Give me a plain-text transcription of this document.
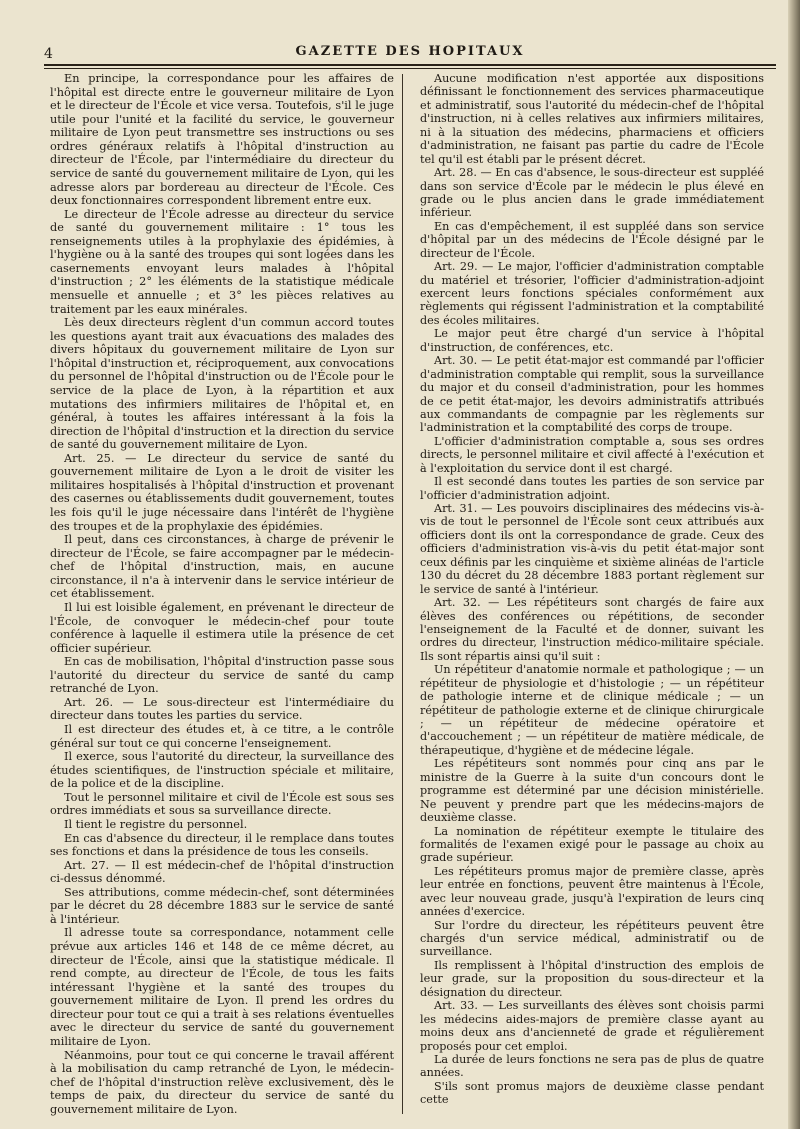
4	GAZETTE DES HOPITAUX

En principe, la correspondance pour les affaires de l'hôpital est directe entre le gouverneur militaire de Lyon et le directeur de l'École et vice versa. Toutefois, s'il le juge utile pour l'unité et la facilité du service, le gouverneur militaire de Lyon peut transmettre ses instructions ou ses ordres généraux relatifs à l'hôpital d'instruction au directeur de l'École, par l'intermédiaire du directeur du service de santé du gouvernement militaire de Lyon, qui les adresse alors par bordereau au directeur de l'École. Ces deux fonctionnaires correspondent librement entre eux.

Le directeur de l'École adresse au directeur du service de santé du gouvernement militaire : 1° tous les renseignements utiles à la prophylaxie des épidémies, à l'hygiène ou à la santé des troupes qui sont logées dans les casernements envoyant leurs malades à l'hôpital d'instruction ; 2° les éléments de la statistique médicale mensuelle et annuelle ; et 3° les pièces relatives au traitement par les eaux minérales.

Lès deux directeurs règlent d'un commun accord toutes les questions ayant trait aux évacuations des malades des divers hôpitaux du gouvernement militaire de Lyon sur l'hôpital d'instruction et, réciproquement, aux convocations du personnel de l'hôpital d'instruction ou de l'École pour le service de la place de Lyon, à la répartition et aux mutations des infirmiers militaires de l'hôpital et, en général, à toutes les affaires intéressant à la fois la direction de l'hôpital d'instruction et la direction du service de santé du gouvernement militaire de Lyon.

Art. 25. — Le directeur du service de santé du gouvernement militaire de Lyon a le droit de visiter les militaires hospitalisés à l'hôpital d'instruction et provenant des casernes ou établissements dudit gouvernement, toutes les fois qu'il le juge nécessaire dans l'intérêt de l'hygiène des troupes et de la prophylaxie des épidémies.

Il peut, dans ces circonstances, à charge de prévenir le directeur de l'École, se faire accompagner par le médecin-chef de l'hôpital d'instruction, mais, en aucune circonstance, il n'a à intervenir dans le service intérieur de cet établissement.

Il lui est loisible également, en prévenant le directeur de l'École, de convoquer le médecin-chef pour toute conférence à laquelle il estimera utile la présence de cet officier supérieur.

En cas de mobilisation, l'hôpital d'instruction passe sous l'autorité du directeur du service de santé du camp retranché de Lyon.

Art. 26. — Le sous-directeur est l'intermédiaire du directeur dans toutes les parties du service.

Il est directeur des études et, à ce titre, a le contrôle général sur tout ce qui concerne l'enseignement.

Il exerce, sous l'autorité du directeur, la surveillance des études scientifiques, de l'instruction spéciale et militaire, de la police et de la discipline.

Tout le personnel militaire et civil de l'École est sous ses ordres immédiats et sous sa surveillance directe.

Il tient le registre du personnel.

En cas d'absence du directeur, il le remplace dans toutes ses fonctions et dans la présidence de tous les conseils.

Art. 27. — Il est médecin-chef de l'hôpital d'instruction ci-dessus dénommé.

Ses attributions, comme médecin-chef, sont déterminées par le décret du 28 décembre 1883 sur le service de santé à l'intérieur.

Il adresse toute sa correspondance, notamment celle prévue aux articles 146 et 148 de ce même décret, au directeur de l'École, ainsi que la statistique médicale. Il rend compte, au directeur de l'École, de tous les faits intéressant l'hygiène et la santé des troupes du gouvernement militaire de Lyon. Il prend les ordres du directeur pour tout ce qui a trait à ses relations éventuelles avec le directeur du service de santé du gouvernement militaire de Lyon.

Néanmoins, pour tout ce qui concerne le travail afférent à la mobilisation du camp retranché de Lyon, le médecin-chef de l'hôpital d'instruction relève exclusivement, dès le temps de paix, du directeur du service de santé du gouvernement militaire de Lyon.

Aucune modification n'est apportée aux dispositions définissant le fonctionnement des services pharmaceutique et administratif, sous l'autorité du médecin-chef de l'hôpital d'instruction, ni à celles relatives aux infirmiers militaires, ni à la situation des médecins, pharmaciens et officiers d'administration, ne faisant pas partie du cadre de l'École tel qu'il est établi par le présent décret.

Art. 28. — En cas d'absence, le sous-directeur est suppléé dans son service d'École par le médecin le plus élevé en grade ou le plus ancien dans le grade immédiatement inférieur.

En cas d'empêchement, il est suppléé dans son service d'hôpital par un des médecins de l'École désigné par le directeur de l'École.

Art. 29. — Le major, l'officier d'administration comptable du matériel et trésorier, l'officier d'administration-adjoint exercent leurs fonctions spéciales conformément aux règlements qui régissent l'administration et la comptabilité des écoles militaires.

Le major peut être chargé d'un service à l'hôpital d'instruction, de conférences, etc.

Art. 30. — Le petit état-major est commandé par l'officier d'administration comptable qui remplit, sous la surveillance du major et du conseil d'administration, pour les hommes de ce petit état-major, les devoirs administratifs attribués aux commandants de compagnie par les règlements sur l'administration et la comptabilité des corps de troupe.

L'officier d'administration comptable a, sous ses ordres directs, le personnel militaire et civil affecté à l'exécution et à l'exploitation du service dont il est chargé.

Il est secondé dans toutes les parties de son service par l'officier d'administration adjoint.

Art. 31. — Les pouvoirs disciplinaires des médecins vis-à-vis de tout le personnel de l'École sont ceux attribués aux officiers dont ils ont la correspondance de grade. Ceux des officiers d'administration vis-à-vis du petit état-major sont ceux définis par les cinquième et sixième alinéas de l'article 130 du décret du 28 décembre 1883 portant règlement sur le service de santé à l'intérieur.

Art. 32. — Les répétiteurs sont chargés de faire aux élèves des conférences ou répétitions, de seconder l'enseignement de la Faculté et de donner, suivant les ordres du directeur, l'instruction médico-militaire spéciale. Ils sont répartis ainsi qu'il suit :

Un répétiteur d'anatomie normale et pathologique ; — un répétiteur de physiologie et d'histologie ; — un répétiteur de pathologie interne et de clinique médicale ; — un répétiteur de pathologie externe et de clinique chirurgicale ; — un répétiteur de médecine opératoire et d'accouchement ; — un répétiteur de matière médicale, de thérapeutique, d'hygiène et de médecine légale.

Les répétiteurs sont nommés pour cinq ans par le ministre de la Guerre à la suite d'un concours dont le programme est déterminé par une décision ministérielle. Ne peuvent y prendre part que les médecins-majors de deuxième classe.

La nomination de répétiteur exempte le titulaire des formalités de l'examen exigé pour le passage au choix au grade supérieur.

Les répétiteurs promus major de première classe, après leur entrée en fonctions, peuvent être maintenus à l'École, avec leur nouveau grade, jusqu'à l'expiration de leurs cinq années d'exercice.

Sur l'ordre du directeur, les répétiteurs peuvent être chargés d'un service médical, administratif ou de surveillance.

Ils remplissent à l'hôpital d'instruction des emplois de leur grade, sur la proposition du sous-directeur et la désignation du directeur.

Art. 33. — Les surveillants des élèves sont choisis parmi les médecins aides-majors de première classe ayant au moins deux ans d'ancienneté de grade et régulièrement proposés pour cet emploi.

La durée de leurs fonctions ne sera pas de plus de quatre années.

S'ils sont promus majors de deuxième classe pendant cette
